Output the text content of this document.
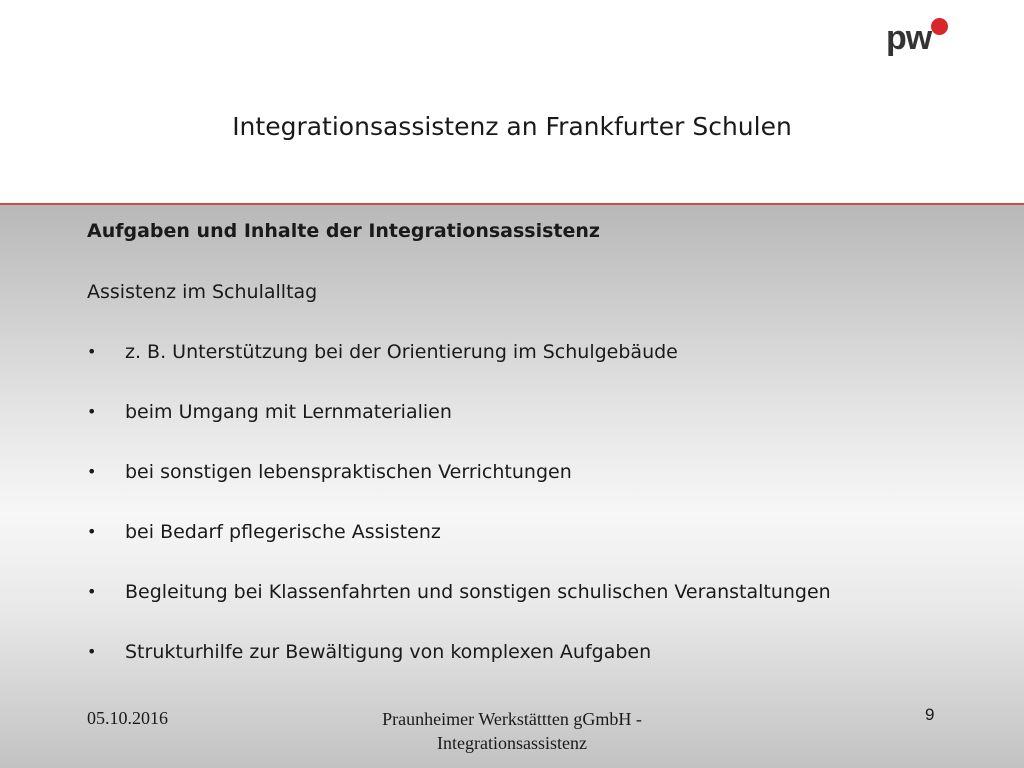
pw
Integrationsassistenz an Frankfurter Schulen
Aufgaben und Inhalte der Integrationsassistenz
Assistenz im Schulalltag
•	z. B. Unterstützung bei der Orientierung im Schulgebäude
•	beim Umgang mit Lernmaterialien
•	bei sonstigen lebenspraktischen Verrichtungen
•	bei Bedarf pflegerische Assistenz
•	Begleitung bei Klassenfahrten und sonstigen schulischen Veranstaltungen
•	Strukturhilfe zur Bewältigung von komplexen Aufgaben
05.10.2016	Praunheimer Werkstättten gGmbH -
Integrationsassistenz
9
